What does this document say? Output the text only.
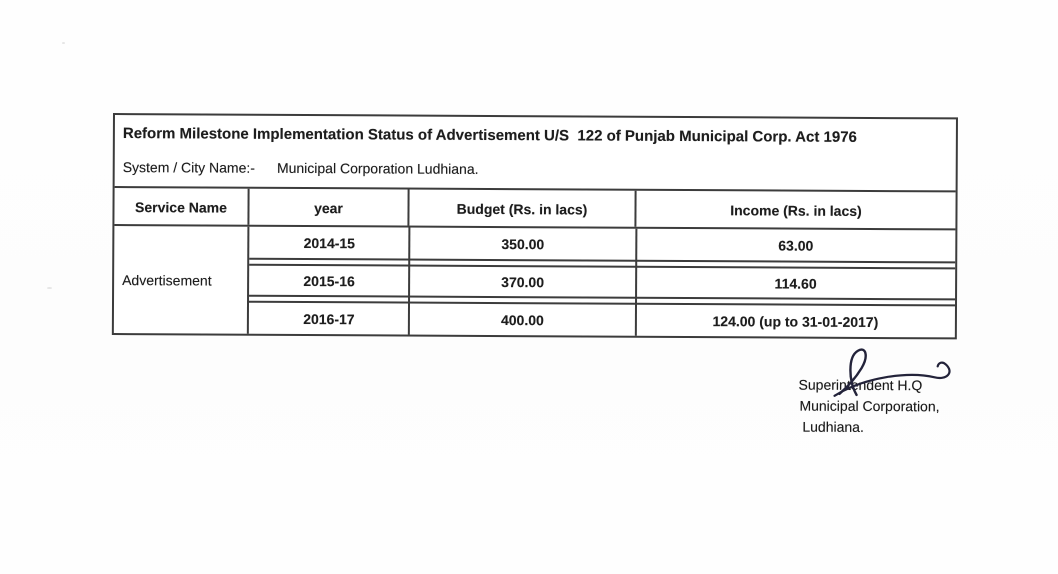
Reform Milestone Implementation Status of Advertisement U/S  122 of Punjab Municipal Corp. Act 1976
System / City Name:- Municipal Corporation Ludhiana.
Service Name	year	Budget (Rs. in lacs)	Income (Rs. in lacs)
Advertisement
2014-15	350.00	63.00
2015-16	370.00	114.60
2016-17	400.00	124.00 (up to 31-01-2017)
Superintendent H.Q
Municipal Corporation,
Ludhiana.
